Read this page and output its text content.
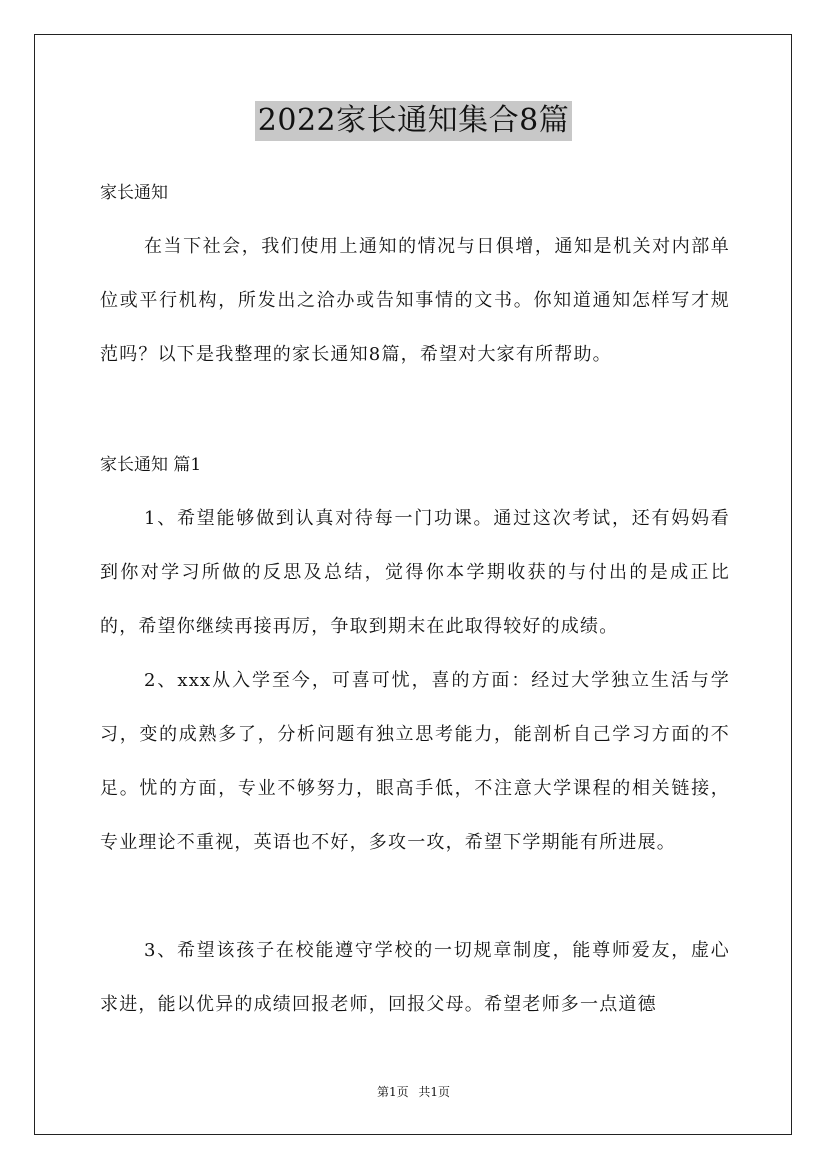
2022家长通知集合8篇
家长通知

在当下社会，我们使用上通知的情况与日俱增，通知是机关对内部单位或平行机构，所发出之洽办或告知事情的文书。你知道通知怎样写才规范吗？以下是我整理的家长通知8篇，希望对大家有所帮助。

家长通知 篇1

1、希望能够做到认真对待每一门功课。通过这次考试，还有妈妈看到你对学习所做的反思及总结，觉得你本学期收获的与付出的是成正比的，希望你继续再接再厉，争取到期末在此取得较好的成绩。

2、xxx从入学至今，可喜可忧，喜的方面：经过大学独立生活与学习，变的成熟多了，分析问题有独立思考能力，能剖析自己学习方面的不足。忧的方面，专业不够努力，眼高手低，不注意大学课程的相关链接，专业理论不重视，英语也不好，多攻一攻，希望下学期能有所进展。

3、希望该孩子在校能遵守学校的一切规章制度，能尊师爱友，虚心求进，能以优异的成绩回报老师，回报父母。希望老师多一点道德

第1页 共1页
